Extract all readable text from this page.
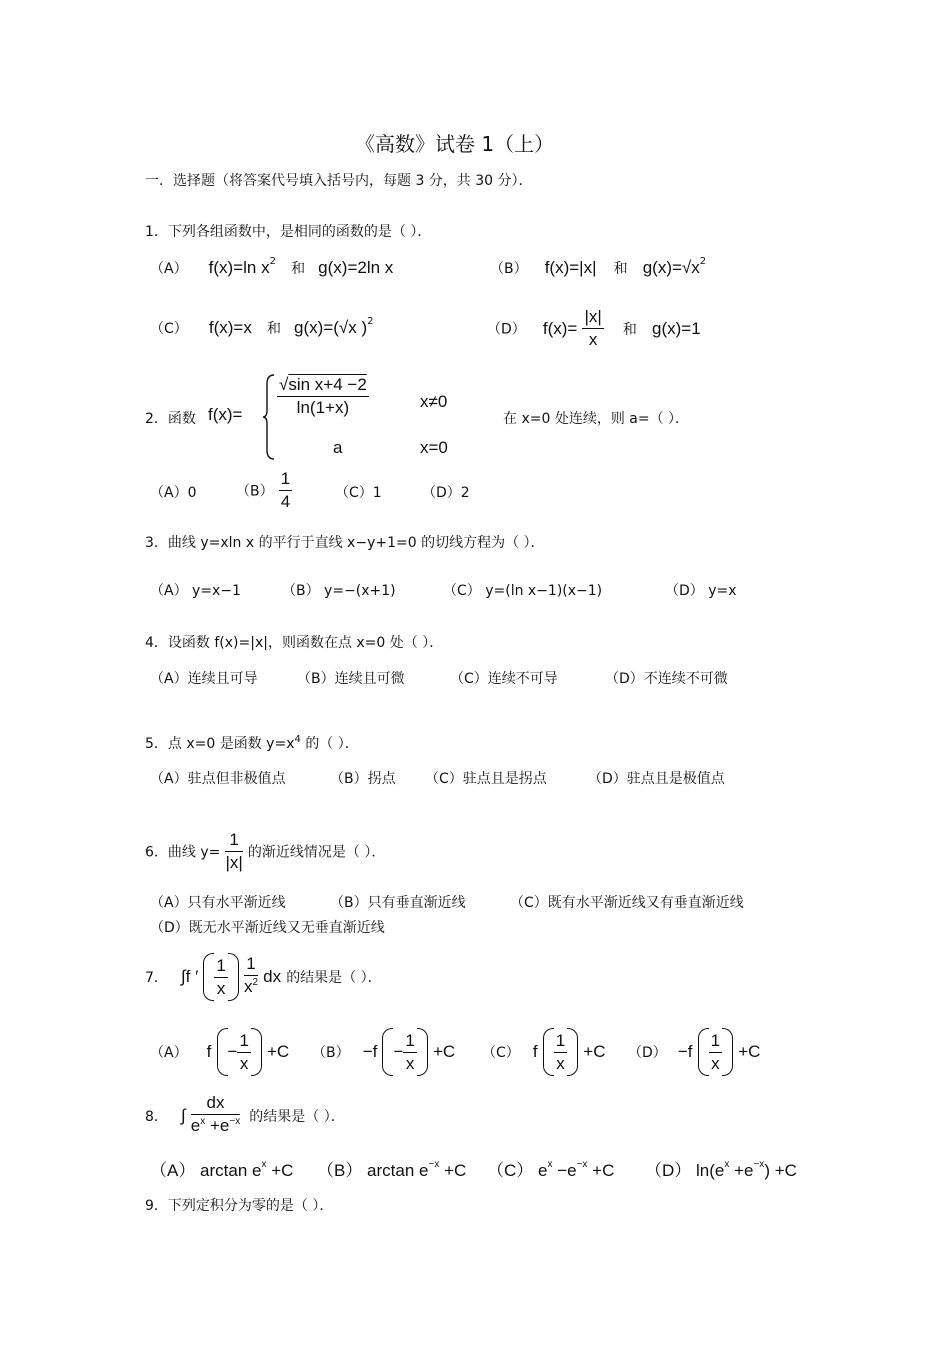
《高数》试卷 1（上）
一．选择题（将答案代号填入括号内，每题 3 分，共 30 分）．
1．下列各组函数中，是相同的函数的是（ ）．
（A） f(x)=ln $x^2$ 和 g(x)=2ln x	（B） f(x)=|x| 和 $g(x)=√x^2$
（C） f(x)=x 和 g(x)=(√x )$^2$	（D） $f(x)= \frac{|x|}{x}$ 和 g(x)=1
2．函数 $f(x)= \frac{\text{√sin x+4 −2}}{\ln(1+x)}$	x≠0
a	x=0
在 x=0 处连续，则 a=（ ）．
（A）0	$(B) \frac{1}{4}$	（C）1	（D）2
3．曲线 y=xln x 的平行于直线 x−y+1=0 的切线方程为（ ）．
（A） y=x−1	（B） y=−(x+1)	（C） y=(ln x−1)(x−1)	（D） y=x
4．设函数 f(x)=|x|，则函数在点 x=0 处（ ）．
（A）连续且可导	（B）连续且可微	（C）连续不可导	（D）不连续不可微
5．点 x=0 是函数 $y=x^4$ 的（ ）．
（A）驻点但非极值点	（B）拐点 （C）驻点且是拐点	（D）驻点且是极值点
6．曲线 $y= \frac{1}{|x|}$ 的渐近线情况是（ ）．
（A）只有水平渐近线	（B）只有垂直渐近线	（C）既有水平渐近线又有垂直渐近线
（D）既无水平渐近线又无垂直渐近线
7． ∫f ′ $\frac{1}{x}$
$\frac{1}{x^2}$ dx 的结果是（ ）．
（A） $f - \frac{1}{x} +C$ $(B) -f - \frac{1}{x} +C$ （C） f $\frac{1}{x} +C$ $(D) -f \frac{1}{x} +C$
8． ∫ $\frac{dx}{e^x +e^{-x}}$ 的结果是（ ）．
（A） $\arctan e^x +C$ （B） $\arctan e^{-x} +C$ （C） $e^x -e^{-x} +C$ （D） $\ln(e^x +e^{-x}) +C$
9．下列定积分为零的是（ ）．
